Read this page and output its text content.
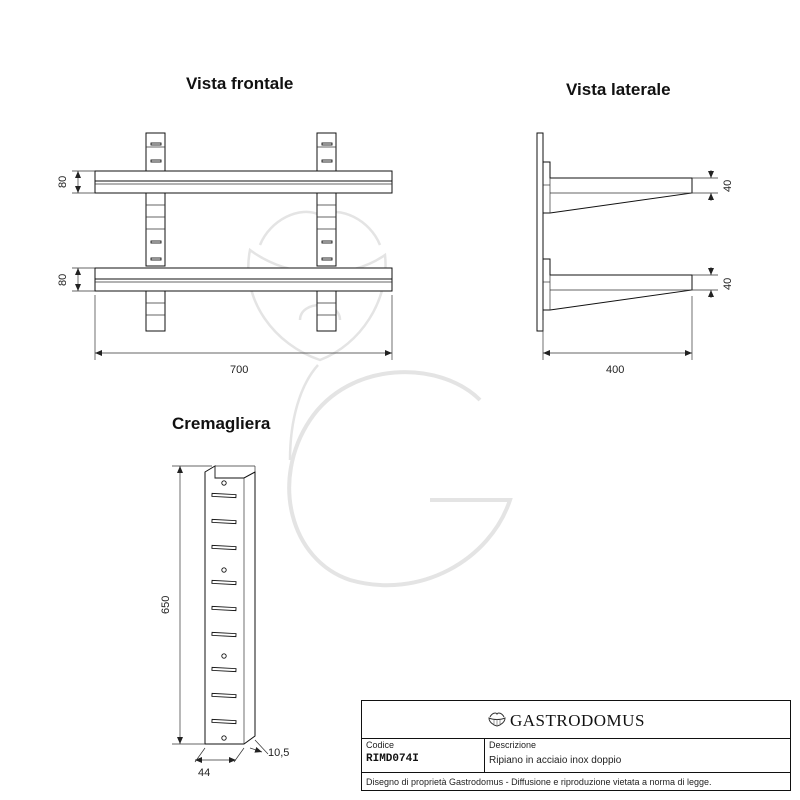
80
80
700
40
40
400
650
44
10,5
Vista frontale	Vista laterale
Cremagliera
GASTRODOMUS
Codice
RIMD074I
Descrizione
Ripiano in acciaio inox doppio
Disegno di proprietà Gastrodomus - Diffusione e riproduzione vietata a norma di legge.
